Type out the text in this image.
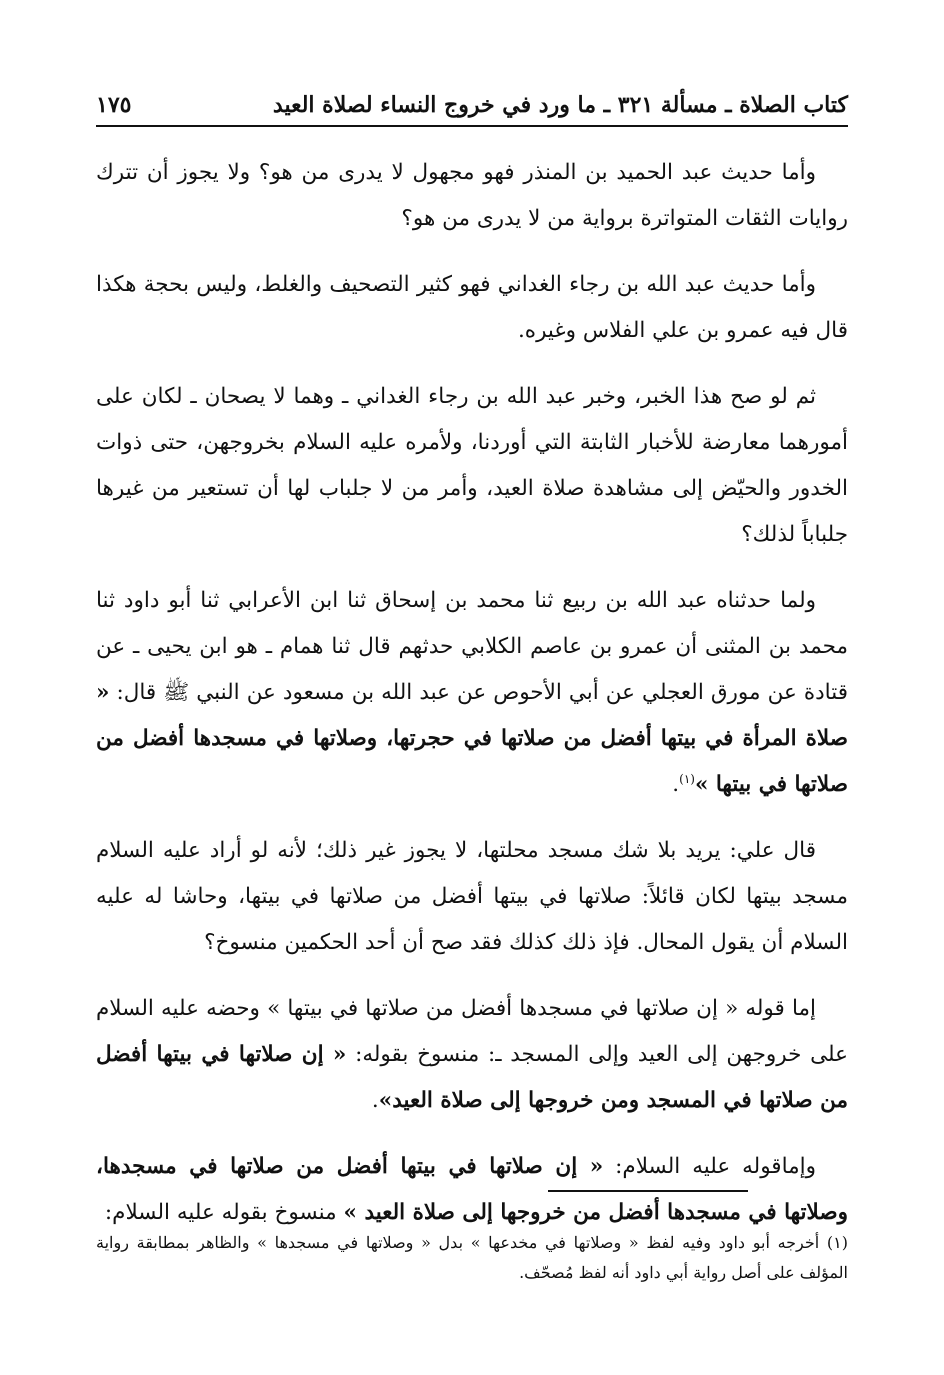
كتاب الصلاة ـ مسألة ٣٢١ ـ ما ورد في خروج النساء لصلاة العيد
١٧٥

وأما حديث عبد الحميد بن المنذر فهو مجهول لا يدرى من هو؟ ولا يجوز أن تترك روايات الثقات المتواترة برواية من لا يدرى من هو؟

وأما حديث عبد الله بن رجاء الغداني فهو كثير التصحيف والغلط، وليس بحجة هكذا قال فيه عمرو بن علي الفلاس وغيره.

ثم لو صح هذا الخبر، وخبر عبد الله بن رجاء الغداني ـ وهما لا يصحان ـ لكان على أمورهما معارضة للأخبار الثابتة التي أوردنا، ولأمره عليه السلام بخروجهن، حتى ذوات الخدور والحيّض إلى مشاهدة صلاة العيد، وأمر من لا جلباب لها أن تستعير من غيرها جلباباً لذلك؟

ولما حدثناه عبد الله بن ربيع ثنا محمد بن إسحاق ثنا ابن الأعرابي ثنا أبو داود ثنا محمد بن المثنى أن عمرو بن عاصم الكلابي حدثهم قال ثنا همام ـ هو ابن يحيى ـ عن قتادة عن مورق العجلي عن أبي الأحوص عن عبد الله بن مسعود عن النبي ﷺ قال: « صلاة المرأة في بيتها أفضل من صلاتها في حجرتها، وصلاتها في مسجدها أفضل من صلاتها في بيتها »$^{(١)}$.

قال علي: يريد بلا شك مسجد محلتها، لا يجوز غير ذلك؛ لأنه لو أراد عليه السلام مسجد بيتها لكان قائلاً: صلاتها في بيتها أفضل من صلاتها في بيتها، وحاشا له عليه السلام أن يقول المحال. فإذ ذلك كذلك فقد صح أن أحد الحكمين منسوخ؟

إما قوله « إن صلاتها في مسجدها أفضل من صلاتها في بيتها » وحضه عليه السلام على خروجهن إلى العيد وإلى المسجد ـ: منسوخ بقوله: « إن صلاتها في بيتها أفضل من صلاتها في المسجد ومن خروجها إلى صلاة العيد».

وإماقوله عليه السلام: « إن صلاتها في بيتها أفضل من صلاتها في مسجدها، وصلاتها في مسجدها أفضل من خروجها إلى صلاة العيد » منسوخ بقوله عليه السلام:

(١) أخرجه أبو داود وفيه لفظ « وصلاتها في مخدعها » بدل « وصلاتها في مسجدها » والظاهر بمطابقة رواية المؤلف على أصل رواية أبي داود أنه لفظ مُصحّف.
